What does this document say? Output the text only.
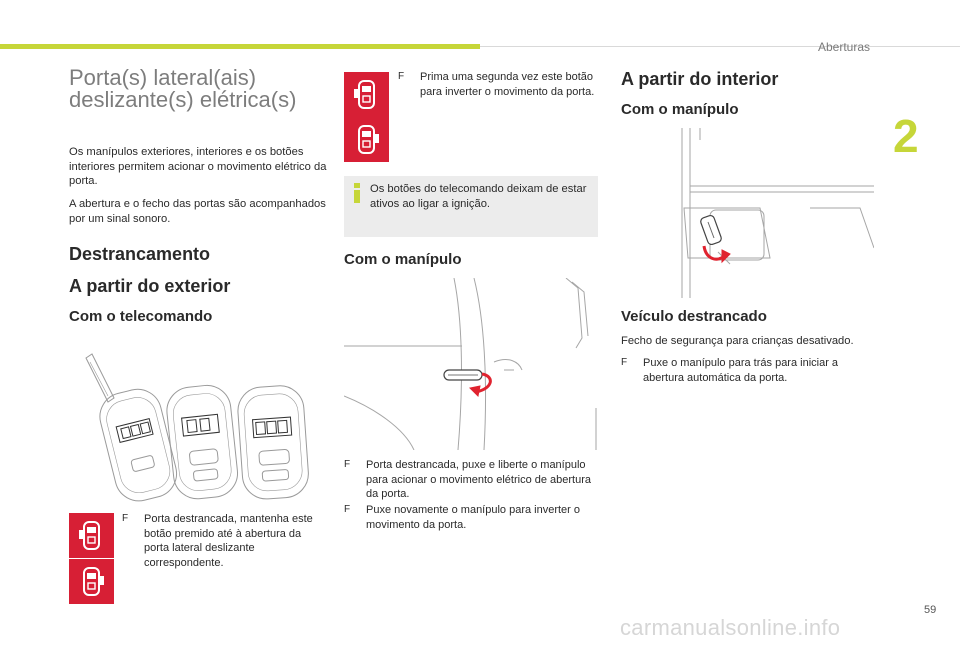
Aberturas
2
Porta(s) lateral(ais)
deslizante(s) elétrica(s)
Os manípulos exteriores, interiores e os botões interiores permitem acionar o movimento elétrico da porta.
A abertura e o fecho das portas são acompanhados por um sinal sonoro.
Destrancamento
A partir do exterior
Com o telecomando
F Porta destrancada, mantenha este botão premido até à abertura da porta lateral deslizante correspondente.
F Prima uma segunda vez este botão para inverter o movimento da porta.
Os botões do telecomando deixam de estar ativos ao ligar a ignição.
Com o manípulo
F Porta destrancada, puxe e liberte o manípulo para acionar o movimento elétrico de abertura da porta.
F Puxe novamente o manípulo para inverter o movimento da porta.
A partir do interior
Com o manípulo
Veículo destrancado
Fecho de segurança para crianças desativado.
F Puxe o manípulo para trás para iniciar a abertura automática da porta.
59
carmanualsonline.info
